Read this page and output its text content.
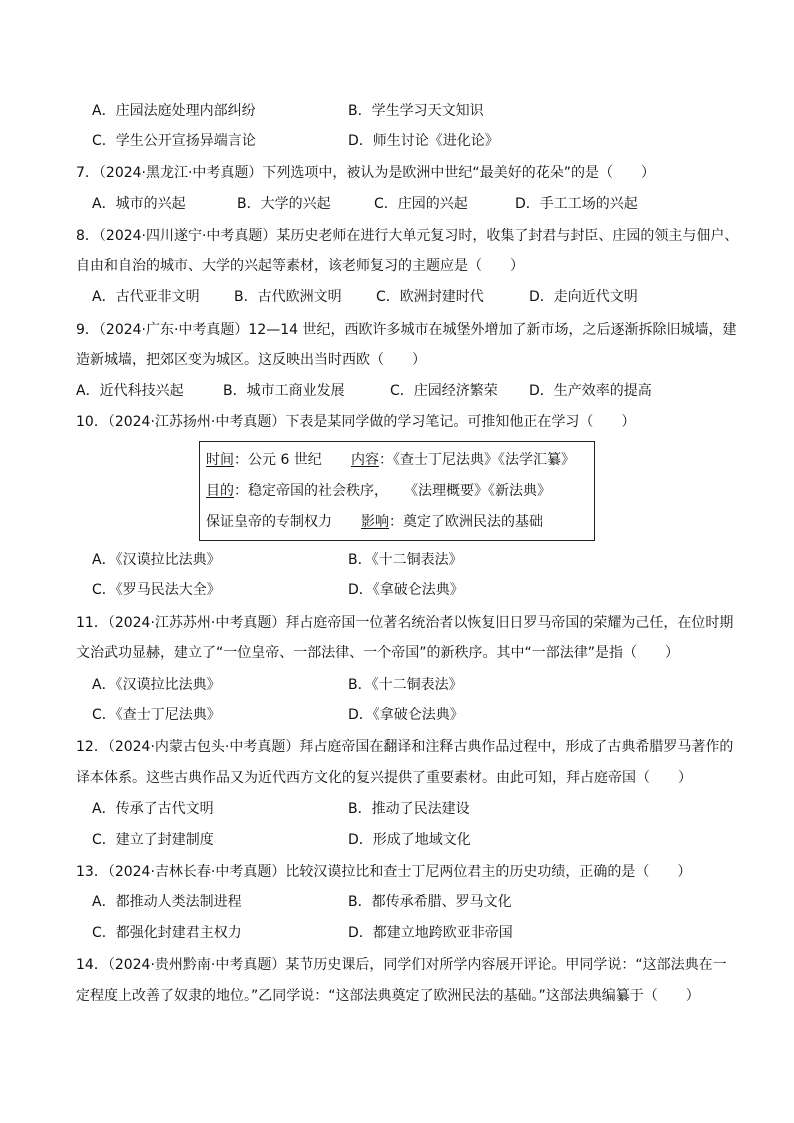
A．庄园法庭处理内部纠纷	B．学生学习天文知识
C．学生公开宣扬异端言论	D．师生讨论《进化论》
7．（2024·黑龙江·中考真题）下列选项中，被认为是欧洲中世纪“最美好的花朵”的是（　　）
A．城市的兴起	B．大学的兴起	C．庄园的兴起	D．手工工场的兴起
8．（2024·四川遂宁·中考真题）某历史老师在进行大单元复习时，收集了封君与封臣、庄园的领主与佃户、
自由和自治的城市、大学的兴起等素材，该老师复习的主题应是（　　）
A．古代亚非文明 B．古代欧洲文明 C．欧洲封建时代	D．走向近代文明
9．（2024·广东·中考真题）12—14 世纪，西欧许多城市在城堡外增加了新市场，之后逐渐拆除旧城墙，建
造新城墙，把郊区变为城区。这反映出当时西欧（　　）
A．近代科技兴起	B．城市工商业发展	C．庄园经济繁荣 D．生产效率的提高
10．（2024·江苏扬州·中考真题）下表是某同学做的学习笔记。可推知他正在学习（　　）
时间：公元 6 世纪 内容：《查士丁尼法典》《法学汇纂》
目的：稳定帝国的社会秩序， 《法理概要》《新法典》
保证皇帝的专制权力 影响：奠定了欧洲民法的基础
A．《汉谟拉比法典》	B．《十二铜表法》
C．《罗马民法大全》	D．《拿破仑法典》
11．（2024·江苏苏州·中考真题）拜占庭帝国一位著名统治者以恢复旧日罗马帝国的荣耀为己任，在位时期
文治武功显赫，建立了“一位皇帝、一部法律、一个帝国”的新秩序。其中“一部法律”是指（　　）
A．《汉谟拉比法典》	B．《十二铜表法》
C．《查士丁尼法典》	D．《拿破仑法典》
12．（2024·内蒙古包头·中考真题）拜占庭帝国在翻译和注释古典作品过程中，形成了古典希腊罗马著作的
译本体系。这些古典作品又为近代西方文化的复兴提供了重要素材。由此可知，拜占庭帝国（　　）
A．传承了古代文明	B．推动了民法建设
C．建立了封建制度	D．形成了地域文化
13．（2024·吉林长春·中考真题）比较汉谟拉比和查士丁尼两位君主的历史功绩，正确的是（　　）
A．都推动人类法制进程	B．都传承希腊、罗马文化
C．都强化封建君主权力	D．都建立地跨欧亚非帝国
14．（2024·贵州黔南·中考真题）某节历史课后，同学们对所学内容展开评论。甲同学说：“这部法典在一
定程度上改善了奴隶的地位。”乙同学说：“这部法典奠定了欧洲民法的基础。”这部法典编纂于（　　）
